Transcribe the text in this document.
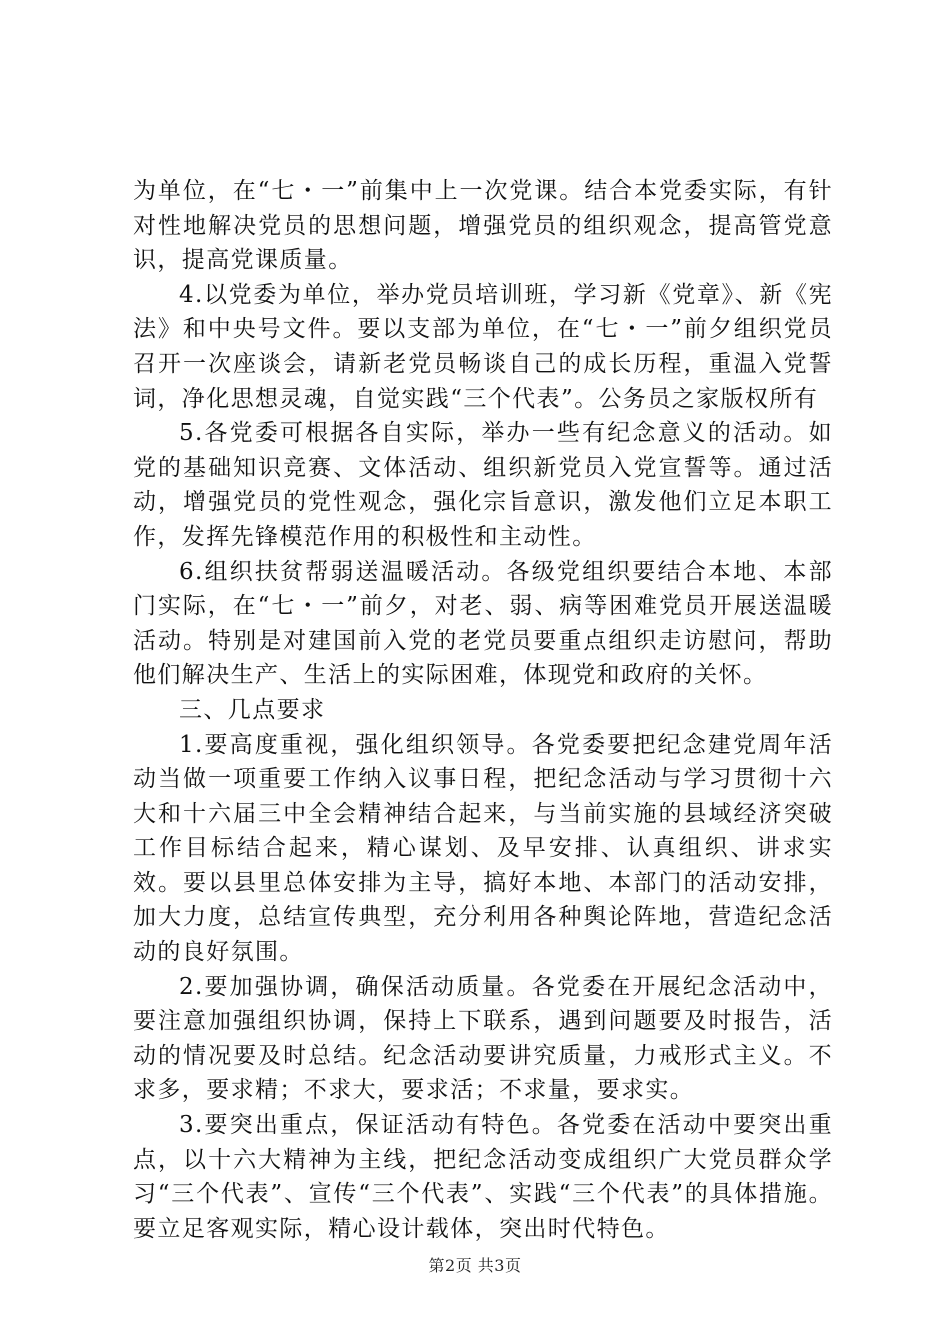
为单位，在“七・一”前集中上一次党课。结合本党委实际，有针对性地解决党员的思想问题，增强党员的组织观念，提高管党意识，提高党课质量。

4.以党委为单位，举办党员培训班，学习新《党章》、新《宪法》和中央号文件。要以支部为单位，在“七・一”前夕组织党员召开一次座谈会，请新老党员畅谈自己的成长历程，重温入党誓词，净化思想灵魂，自觉实践“三个代表”。公务员之家版权所有

5.各党委可根据各自实际，举办一些有纪念意义的活动。如党的基础知识竞赛、文体活动、组织新党员入党宣誓等。通过活动，增强党员的党性观念，强化宗旨意识，激发他们立足本职工作，发挥先锋模范作用的积极性和主动性。

6.组织扶贫帮弱送温暖活动。各级党组织要结合本地、本部门实际，在“七・一”前夕，对老、弱、病等困难党员开展送温暖活动。特别是对建国前入党的老党员要重点组织走访慰问，帮助他们解决生产、生活上的实际困难，体现党和政府的关怀。

三、几点要求

1.要高度重视，强化组织领导。各党委要把纪念建党周年活动当做一项重要工作纳入议事日程，把纪念活动与学习贯彻十六大和十六届三中全会精神结合起来，与当前实施的县域经济突破工作目标结合起来，精心谋划、及早安排、认真组织、讲求实效。要以县里总体安排为主导，搞好本地、本部门的活动安排，加大力度，总结宣传典型，充分利用各种舆论阵地，营造纪念活动的良好氛围。

2.要加强协调，确保活动质量。各党委在开展纪念活动中，要注意加强组织协调，保持上下联系，遇到问题要及时报告，活动的情况要及时总结。纪念活动要讲究质量，力戒形式主义。不求多，要求精；不求大，要求活；不求量，要求实。

3.要突出重点，保证活动有特色。各党委在活动中要突出重点，以十六大精神为主线，把纪念活动变成组织广大党员群众学习“三个代表”、宣传“三个代表”、实践“三个代表”的具体措施。要立足客观实际，精心设计载体，突出时代特色。

第2页 共3页
